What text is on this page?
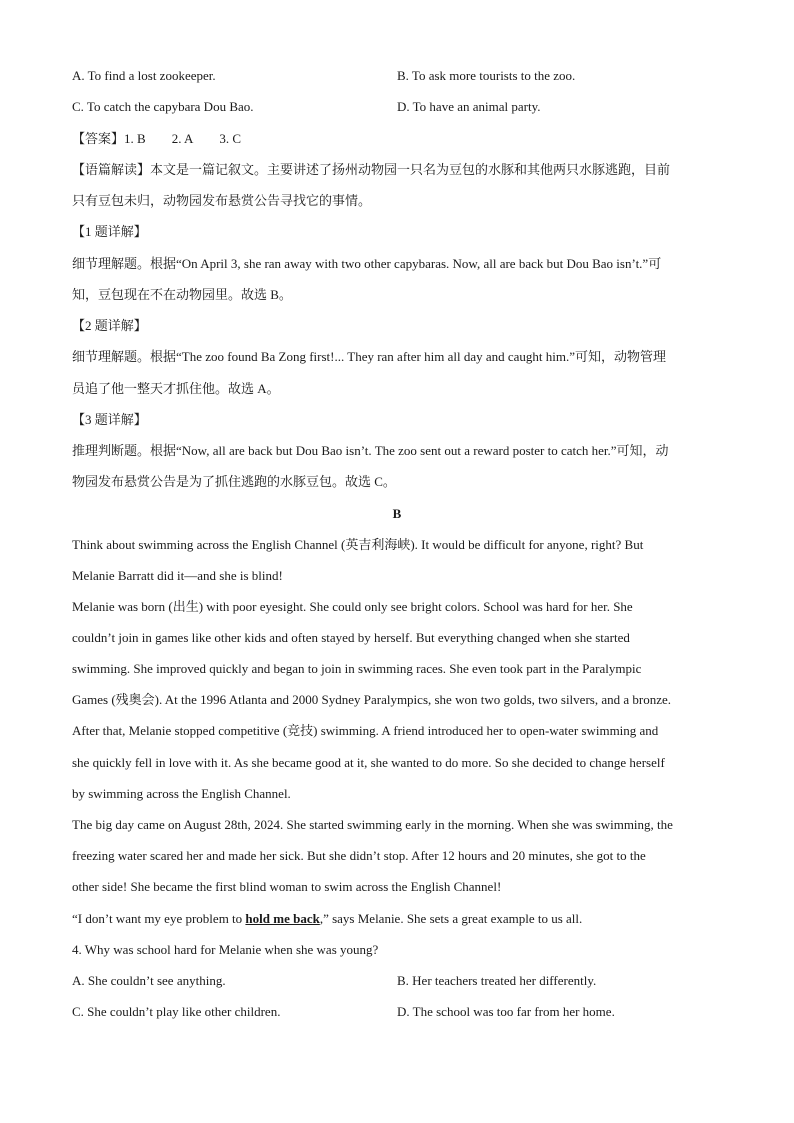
A. To find a lost zookeeper.	B. To ask more tourists to the zoo.
C. To catch the capybara Dou Bao.	D. To have an animal party.
【答案】1. B 2. A 3. C
【语篇解读】本文是一篇记叙文。主要讲述了扬州动物园一只名为豆包的水豚和其他两只水豚逃跑，目前
只有豆包未归，动物园发布悬赏公告寻找它的事情。
【1 题详解】
细节理解题。根据“On April 3, she ran away with two other capybaras. Now, all are back but Dou Bao isn’t.”可
知，豆包现在不在动物园里。故选 B。
【2 题详解】
细节理解题。根据“The zoo found Ba Zong first!... They ran after him all day and caught him.”可知，动物管理
员追了他一整天才抓住他。故选 A。
【3 题详解】
推理判断题。根据“Now, all are back but Dou Bao isn’t. The zoo sent out a reward poster to catch her.”可知，动
物园发布悬赏公告是为了抓住逃跑的水豚豆包。故选 C。
B
Think about swimming across the English Channel (英吉利海峡). It would be difficult for anyone, right? But
Melanie Barratt did it—and she is blind!
Melanie was born (出生) with poor eyesight. She could only see bright colors. School was hard for her. She
couldn’t join in games like other kids and often stayed by herself. But everything changed when she started
swimming. She improved quickly and began to join in swimming races. She even took part in the Paralympic
Games (残奥会). At the 1996 Atlanta and 2000 Sydney Paralympics, she won two golds, two silvers, and a bronze.
After that, Melanie stopped competitive (竞技) swimming. A friend introduced her to open-water swimming and
she quickly fell in love with it. As she became good at it, she wanted to do more. So she decided to change herself
by swimming across the English Channel.
The big day came on August 28th, 2024. She started swimming early in the morning. When she was swimming, the
freezing water scared her and made her sick. But she didn’t stop. After 12 hours and 20 minutes, she got to the
other side! She became the first blind woman to swim across the English Channel!
“I don’t want my eye problem to hold me back,” says Melanie. She sets a great example to us all.
4. Why was school hard for Melanie when she was young?
A. She couldn’t see anything.	B. Her teachers treated her differently.
C. She couldn’t play like other children.	D. The school was too far from her home.
